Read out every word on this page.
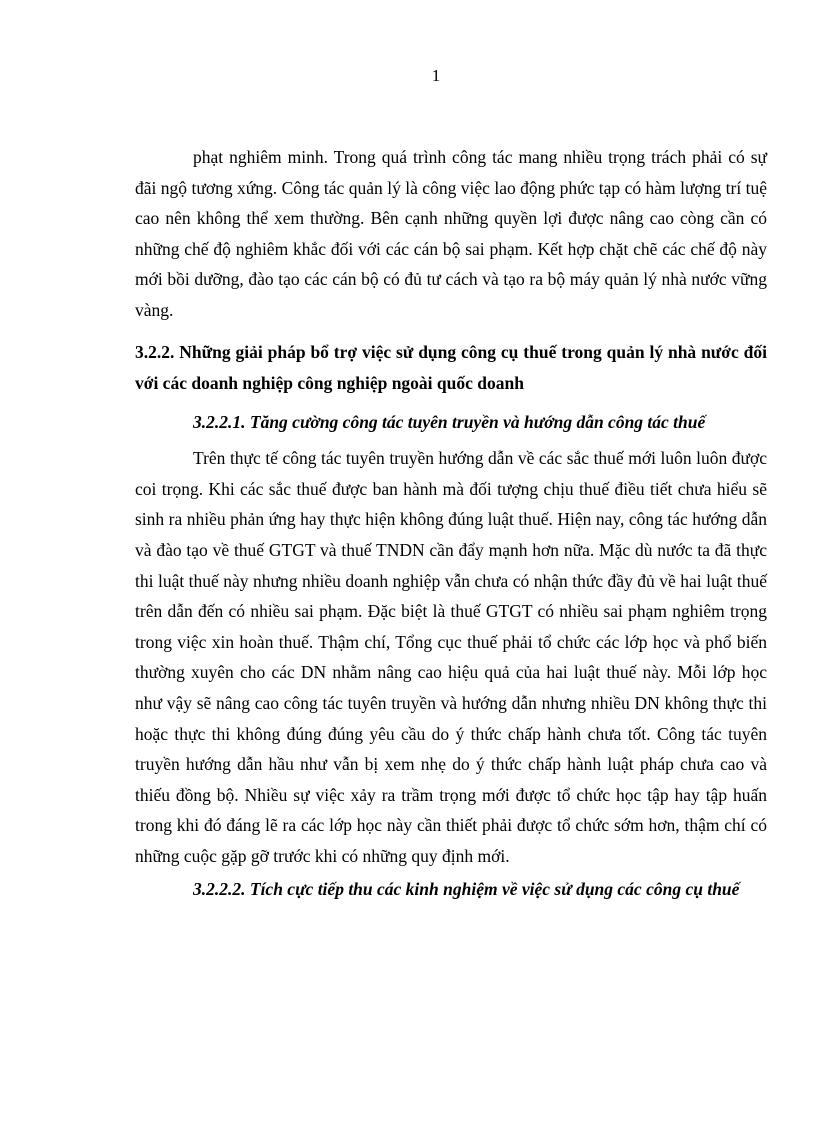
1

phạt nghiêm minh. Trong quá trình công tác mang nhiều trọng trách phải có sự đãi ngộ tương xứng. Công tác quản lý là công việc lao động phức tạp có hàm lượng trí tuệ cao nên không thể xem thường. Bên cạnh những quyền lợi được nâng cao còng cần có những chế độ nghiêm khắc đối với các cán bộ sai phạm. Kết hợp chặt chẽ các chế độ này mới bồi dưỡng, đào tạo các cán bộ có đủ tư cách và tạo ra bộ máy quản lý nhà nước vững vàng.

3.2.2. Những giải pháp bổ trợ việc sử dụng công cụ thuế trong quản lý nhà nước đối với các doanh nghiệp công nghiệp ngoài quốc doanh

3.2.2.1. Tăng cường công tác tuyên truyền và hướng dẫn công tác thuế

Trên thực tế công tác tuyên truyền hướng dẫn về các sắc thuế mới luôn luôn được coi trọng. Khi các sắc thuế được ban hành mà đối tượng chịu thuế điều tiết chưa hiểu sẽ sinh ra nhiều phản ứng hay thực hiện không đúng luật thuế. Hiện nay, công tác hướng dẫn và đào tạo về thuế GTGT và thuế TNDN cần đẩy mạnh hơn nữa. Mặc dù nước ta đã thực thi luật thuế này nhưng nhiều doanh nghiệp vẫn chưa có nhận thức đầy đủ về hai luật thuế trên dẫn đến có nhiều sai phạm. Đặc biệt là thuế GTGT có nhiều sai phạm nghiêm trọng trong việc xin hoàn thuế. Thậm chí, Tổng cục thuế phải tổ chức các lớp học và phổ biến thường xuyên cho các DN nhằm nâng cao hiệu quả của hai luật thuế này. Mỗi lớp học như vậy sẽ nâng cao công tác tuyên truyền và hướng dẫn nhưng nhiều DN không thực thi hoặc thực thi không đúng đúng yêu cầu do ý thức chấp hành chưa tốt. Công tác tuyên truyền hướng dẫn hầu như vẫn bị xem nhẹ do ý thức chấp hành luật pháp chưa cao và thiếu đồng bộ. Nhiều sự việc xảy ra trầm trọng mới được tổ chức học tập hay tập huấn trong khi đó đáng lẽ ra các lớp học này cần thiết phải được tổ chức sớm hơn, thậm chí có những cuộc gặp gỡ trước khi có những quy định mới.

3.2.2.2. Tích cực tiếp thu các kinh nghiệm về việc sử dụng các công cụ thuế
